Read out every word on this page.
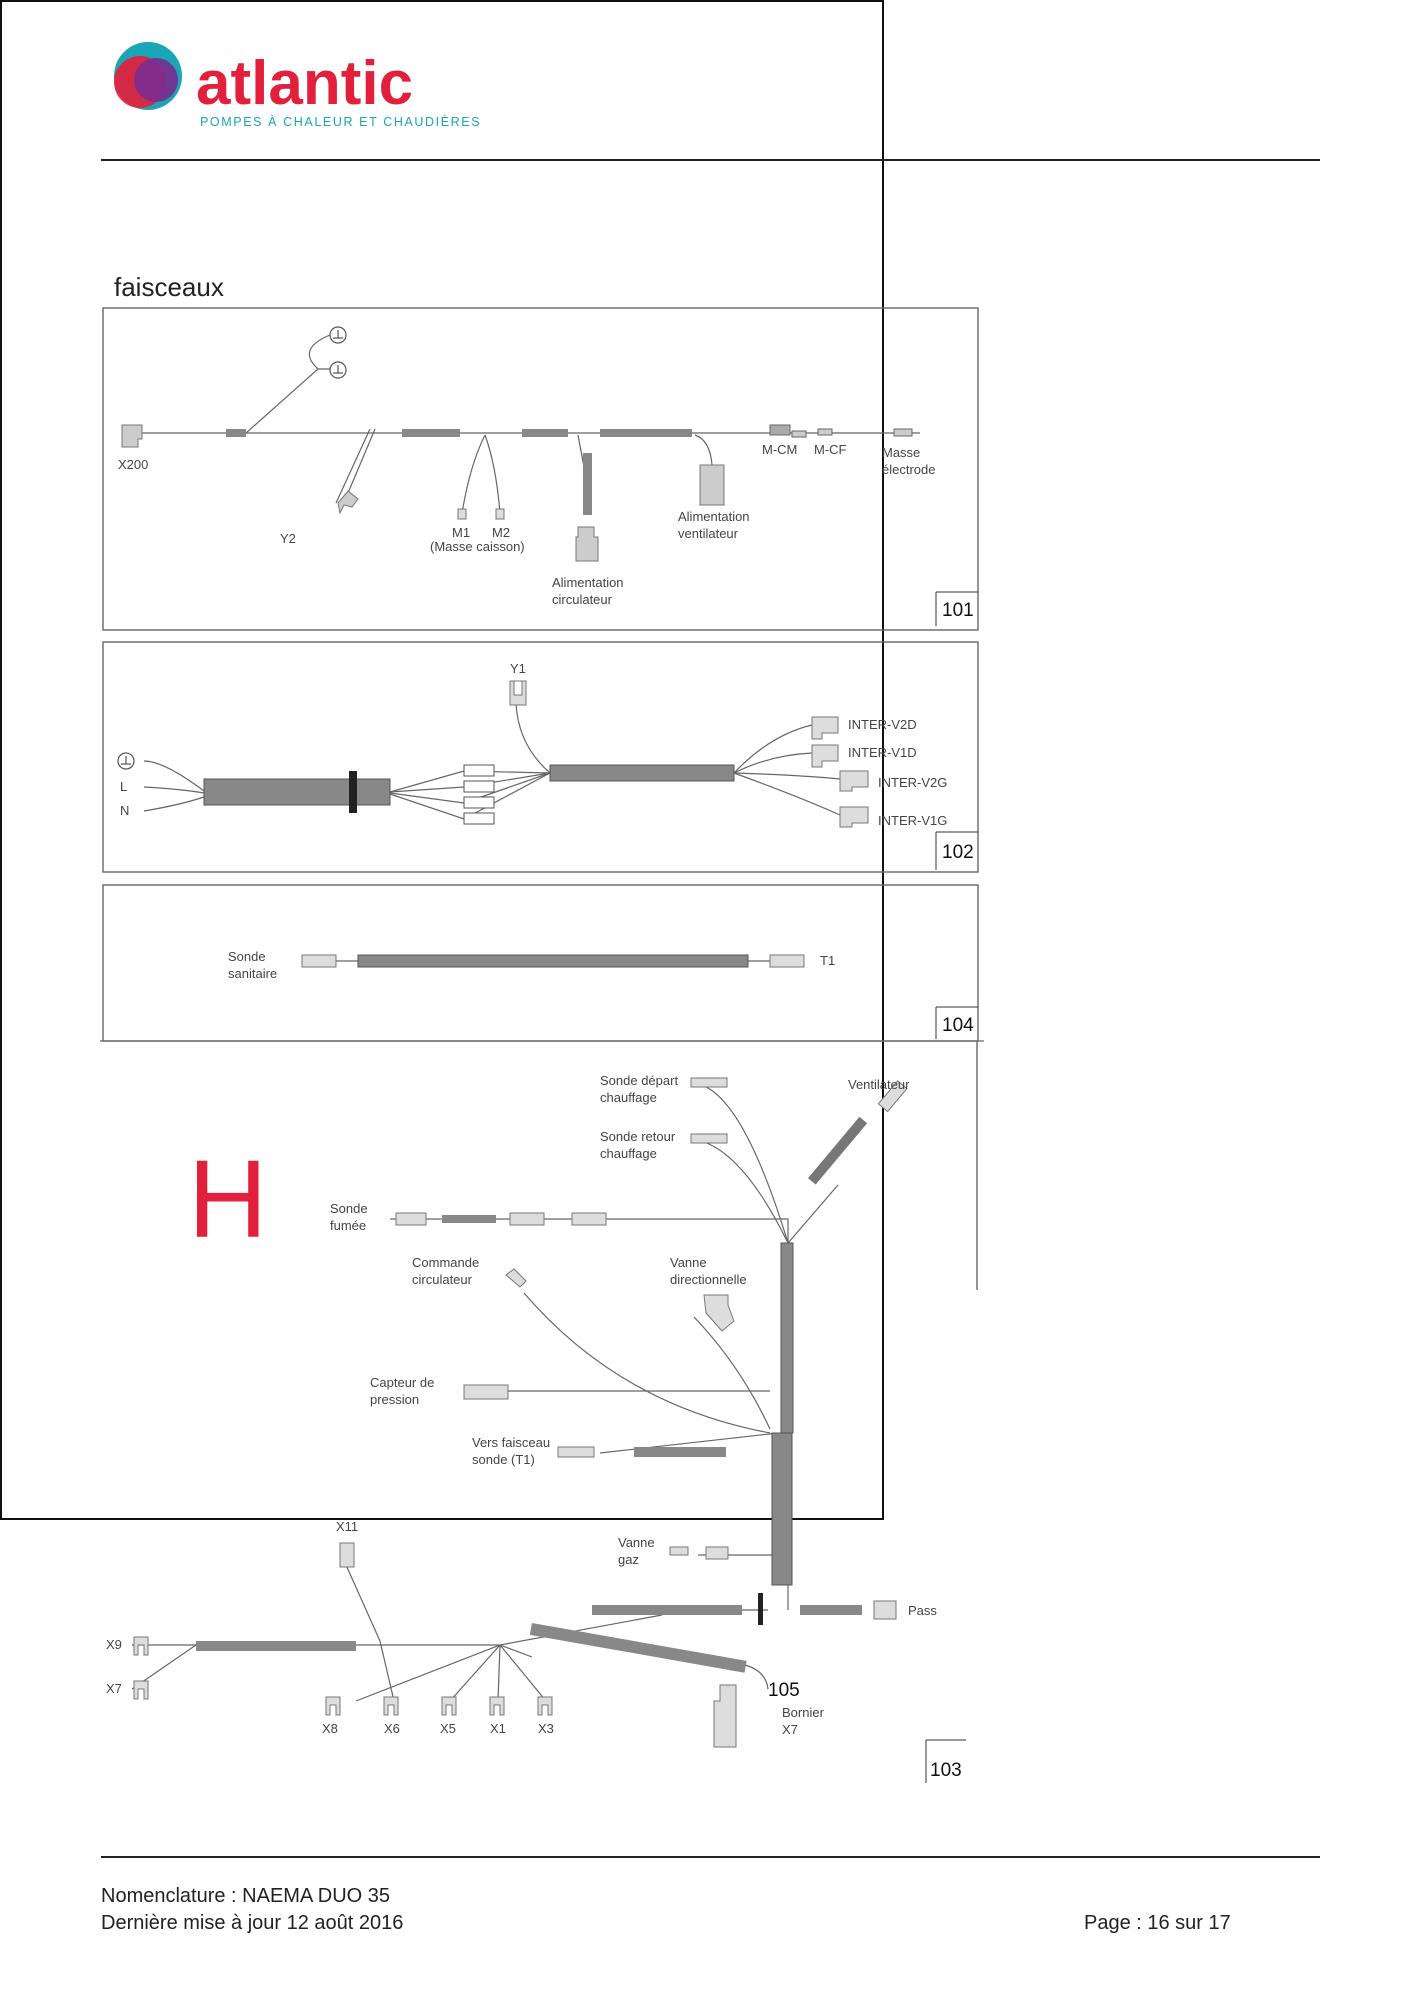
atlantic
POMPES À CHALEUR ET CHAUDIÈRES
faisceaux
X200
Y2	M1 M2
(Masse caisson)
Alimentation
circulateur
Alimentation
ventilateur
M-CM M-CF	Masse
électrode
101
Y1
L
N
INTER-V2D
INTER-V1D
INTER-V2G
INTER-V1G
102
Sonde
sanitaire
T1
104
H
Sonde départ
chauffage
Sonde retour
chauffage
Ventilateur
Sonde
fumée
Commande
circulateur
Vanne
directionnelle
Capteur de
pression
Vers faisceau
sonde (T1)
Vanne
gaz
X11
Pass
X9
X7
X8	X6	X5	X1 X3
Bornier
X7
105
103
Nomenclature : NAEMA DUO 35
Dernière mise à jour 12 août 2016	Page : 16 sur 17
